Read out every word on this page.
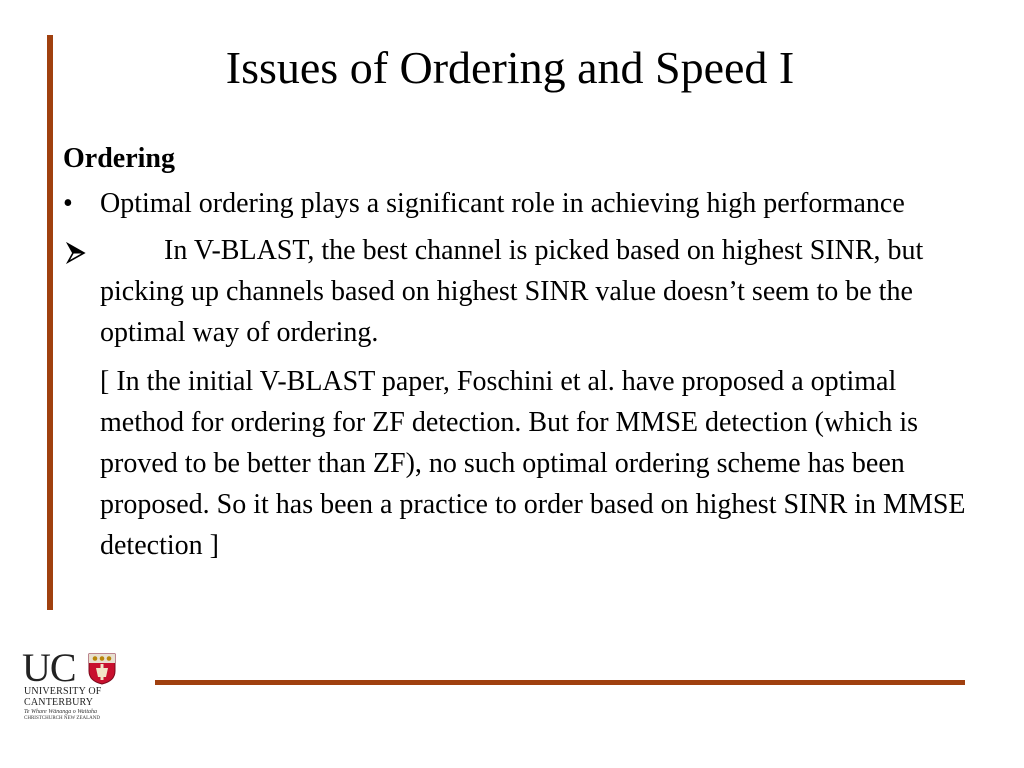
Issues of Ordering and Speed I
Ordering
• Optimal ordering plays a significant role in achieving high performance
In V-BLAST, the best channel is picked based on highest SINR, but picking up channels based on highest SINR value doesn’t seem to be the optimal way of ordering.
[ In the initial V-BLAST paper, Foschini et al. have proposed a optimal method for ordering for ZF detection. But for MMSE detection (which is proved to be better than ZF), no such optimal ordering scheme has been proposed. So it has been a practice to order based on highest SINR in MMSE detection ]
UC
UNIVERSITY OF
CANTERBURY
Te Whare Wānanga o Waitaha
CHRISTCHURCH NEW ZEALAND
